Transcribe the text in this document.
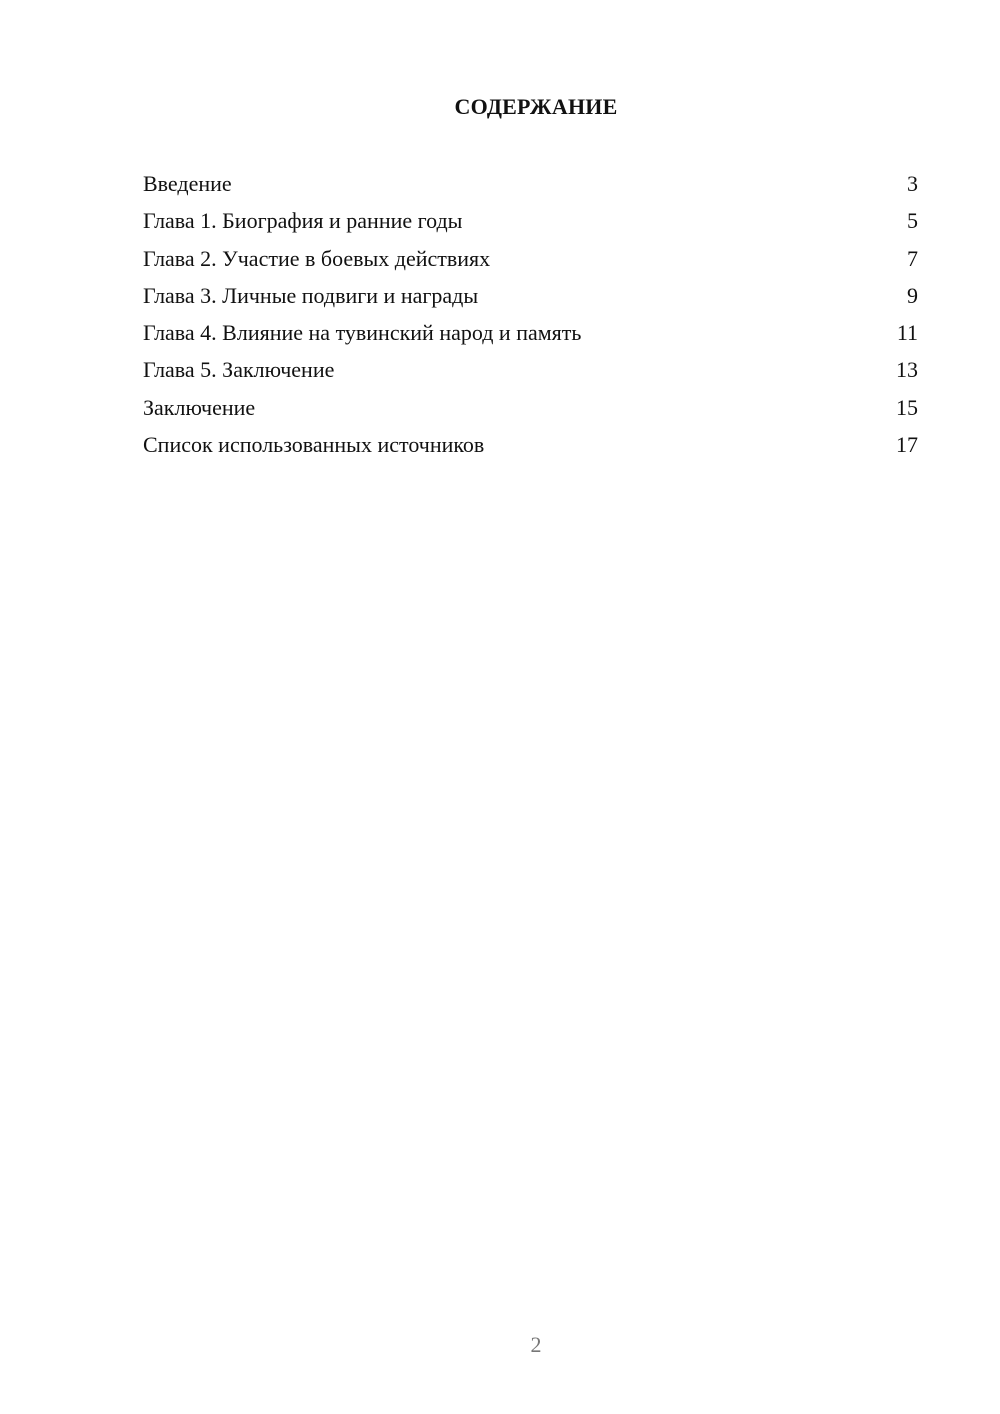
СОДЕРЖАНИЕ
Введение	3
Глава 1. Биография и ранние годы	5
Глава 2. Участие в боевых действиях	7
Глава 3. Личные подвиги и награды	9
Глава 4. Влияние на тувинский народ и память	11
Глава 5. Заключение	13
Заключение	15
Список использованных источников	17
2
